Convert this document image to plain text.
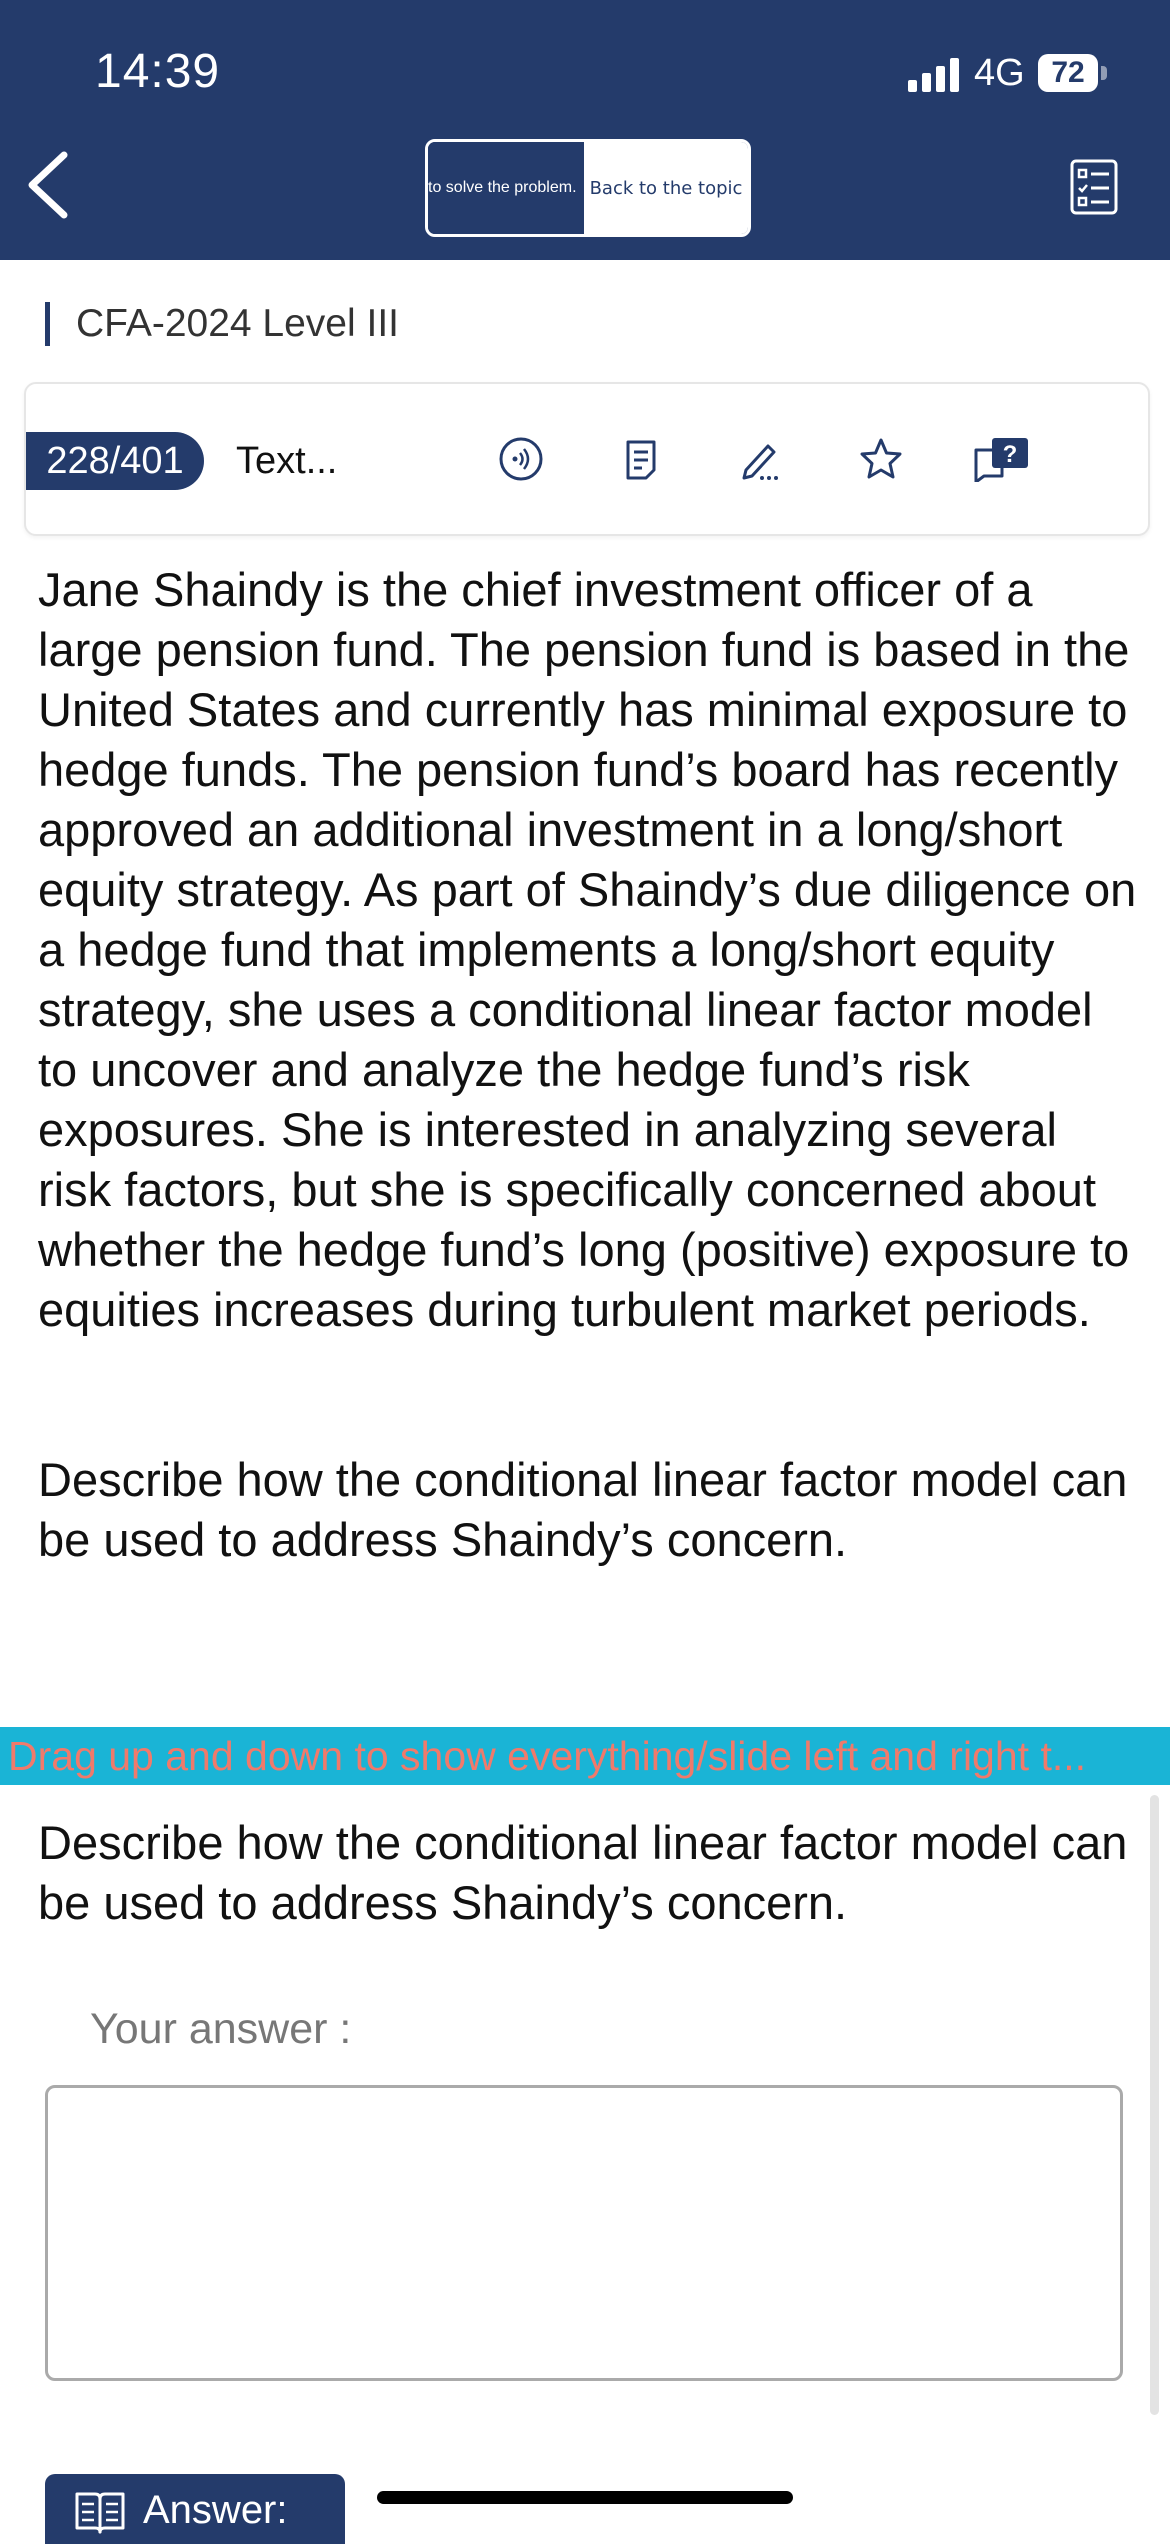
14:39	4G 72
to solve the problem. Back to the topic
CFA-2024 Level III
228/401	Text...	?

Jane Shaindy is the chief investment officer of a large pension fund. The pension fund is based in the United States and currently has minimal exposure to hedge funds. The pension fund’s board has recently approved an additional investment in a long/short equity strategy. As part of Shaindy’s due diligence on a hedge fund that implements a long/short equity strategy, she uses a conditional linear factor model to uncover and analyze the hedge fund’s risk exposures. She is interested in analyzing several risk factors, but she is specifically concerned about whether the hedge fund’s long (positive) exposure to equities increases during turbulent market periods.

Describe how the conditional linear factor model can be used to address Shaindy’s concern.

Drag up and down to show everything/slide left and right t...

Describe how the conditional linear factor model can be used to address Shaindy’s concern.

Your answer :
Answer:
